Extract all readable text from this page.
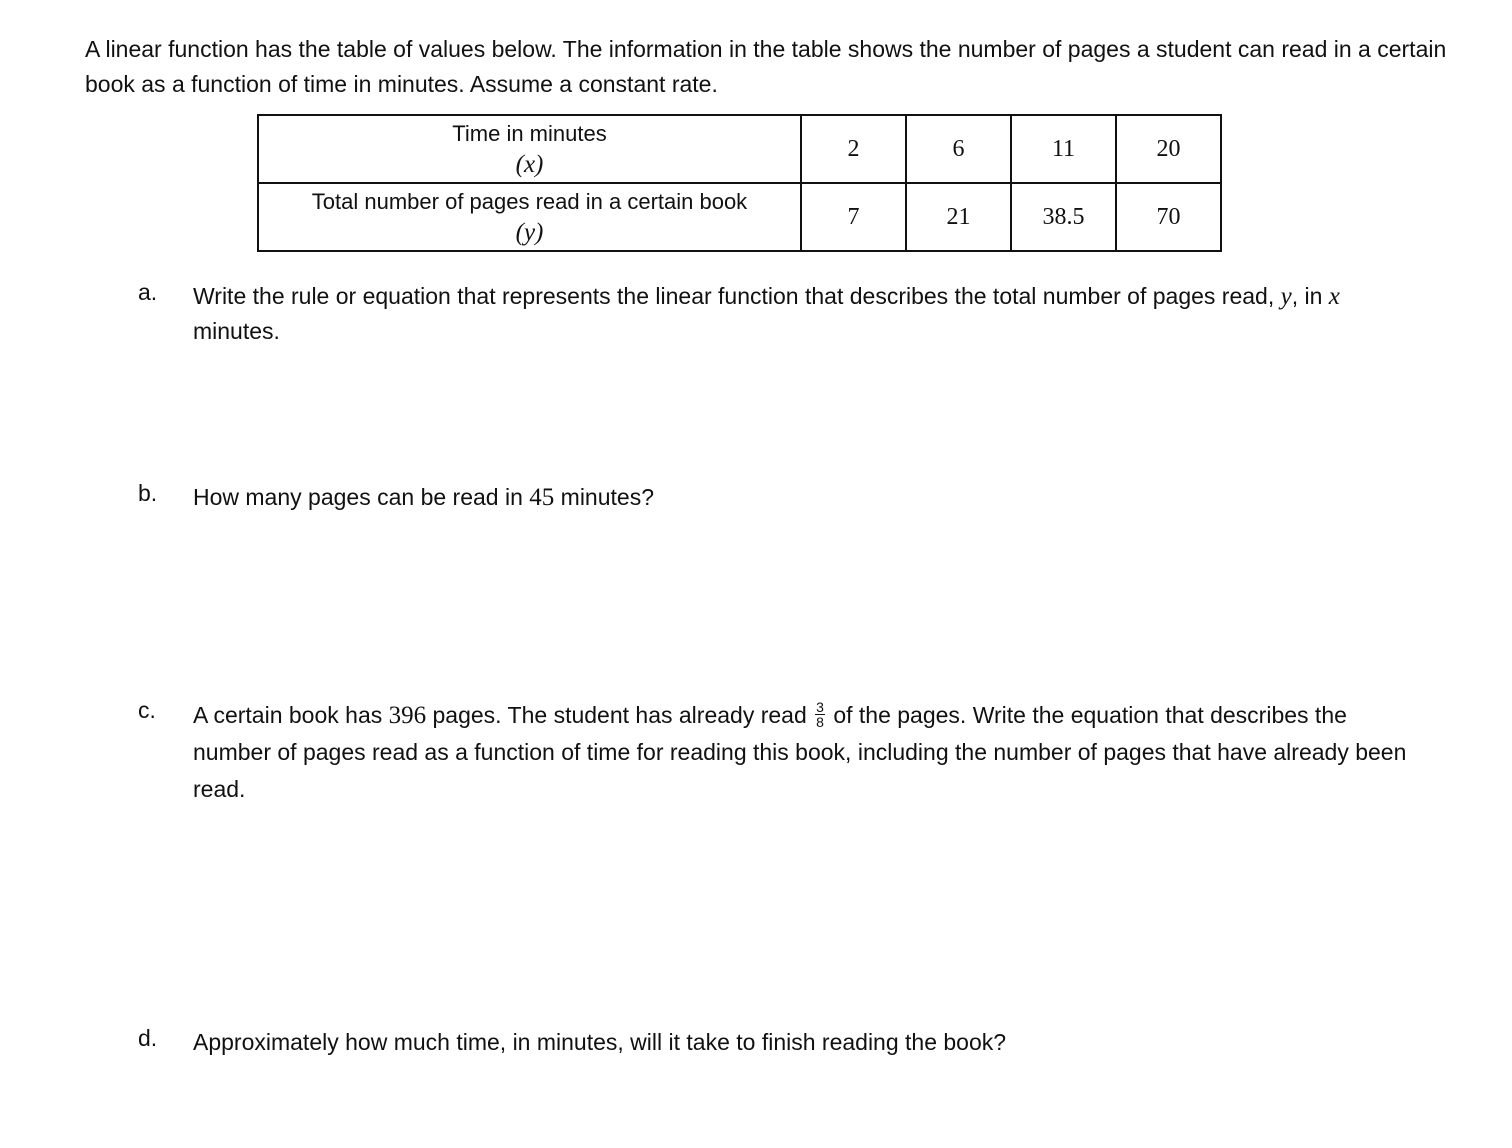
A linear function has the table of values below. The information in the table shows the number of pages a student can read in a certain book as a function of time in minutes. Assume a constant rate.
Time in minutes
(x)	2	6	11	20
Total number of pages read in a certain book
(y)	7	21	38.5	70
a. Write the rule or equation that represents the linear function that describes the total number of pages read, y, in x minutes.
b. How many pages can be read in 45 minutes?
c. A certain book has 396 pages. The student has already read $\frac{3}{8}$ of the pages. Write the equation that describes the number of pages read as a function of time for reading this book, including the number of pages that have already been read.
d. Approximately how much time, in minutes, will it take to finish reading the book?
